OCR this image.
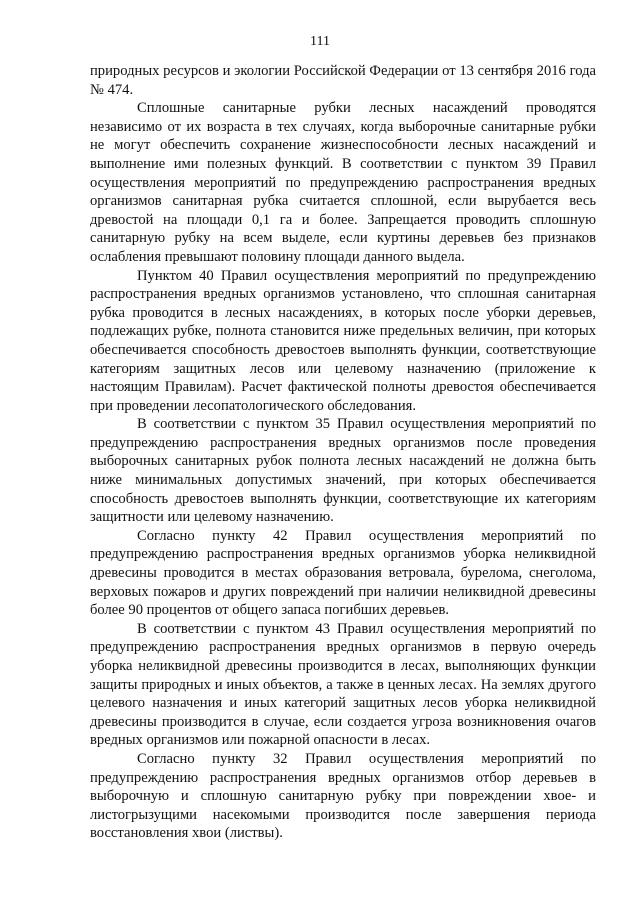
111

природных ресурсов и экологии Российской Федерации от 13 сентября 2016 года № 474.

Сплошные санитарные рубки лесных насаждений проводятся независимо от их возраста в тех случаях, когда выборочные санитарные рубки не могут обеспечить сохранение жизнеспособности лесных насаждений и выполнение ими полезных функций. В соответствии с пунктом 39 Правил осуществления мероприятий по предупреждению распространения вредных организмов санитарная рубка считается сплошной, если вырубается весь древостой на площади 0,1 га и более. Запрещается проводить сплошную санитарную рубку на всем выделе, если куртины деревьев без признаков ослабления превышают половину площади данного выдела.

Пунктом 40 Правил осуществления мероприятий по предупреждению распространения вредных организмов установлено, что сплошная санитарная рубка проводится в лесных насаждениях, в которых после уборки деревьев, подлежащих рубке, полнота становится ниже предельных величин, при которых обеспечивается способность древостоев выполнять функции, соответствующие категориям защитных лесов или целевому назначению (приложение к настоящим Правилам). Расчет фактической полноты древостоя обеспечивается при проведении лесопатологического обследования.

В соответствии с пунктом 35 Правил осуществления мероприятий по предупреждению распространения вредных организмов после проведения выборочных санитарных рубок полнота лесных насаждений не должна быть ниже минимальных допустимых значений, при которых обеспечивается способность древостоев выполнять функции, соответствующие их категориям защитности или целевому назначению.

Согласно пункту 42 Правил осуществления мероприятий по предупреждению распространения вредных организмов уборка неликвидной древесины проводится в местах образования ветровала, бурелома, снеголома, верховых пожаров и других повреждений при наличии неликвидной древесины более 90 процентов от общего запаса погибших деревьев.

В соответствии с пунктом 43 Правил осуществления мероприятий по предупреждению распространения вредных организмов в первую очередь уборка неликвидной древесины производится в лесах, выполняющих функции защиты природных и иных объектов, а также в ценных лесах. На землях другого целевого назначения и иных категорий защитных лесов уборка неликвидной древесины производится в случае, если создается угроза возникновения очагов вредных организмов или пожарной опасности в лесах.

Согласно пункту 32 Правил осуществления мероприятий по предупреждению распространения вредных организмов отбор деревьев в выборочную и сплошную санитарную рубку при повреждении хвое- и листогрызущими насекомыми производится после завершения периода восстановления хвои (листвы).
